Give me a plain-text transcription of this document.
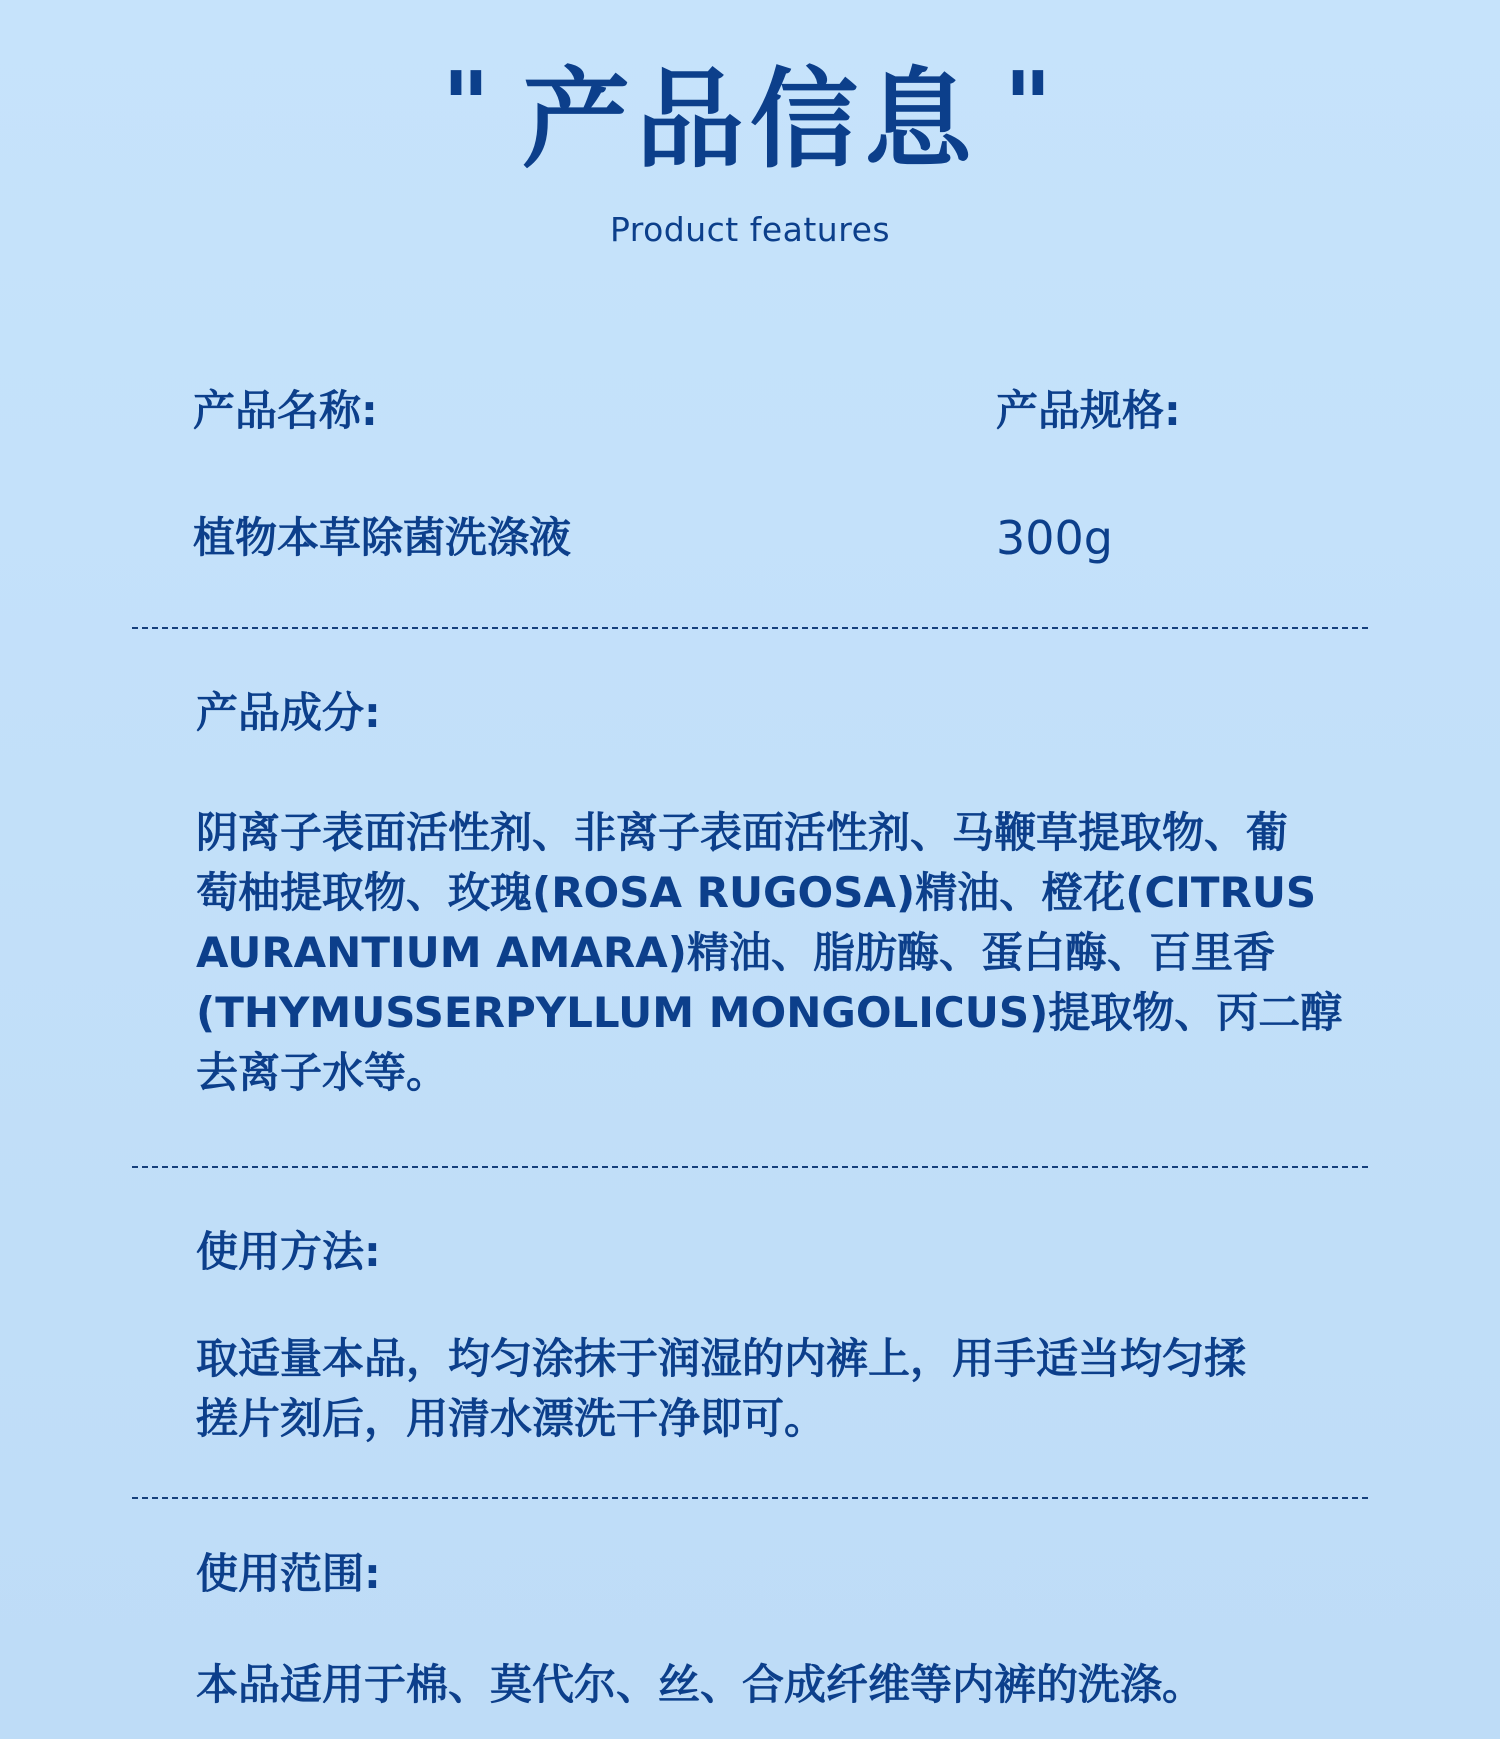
" 产品信息 "
Product features
产品名称:	产品规格:
植物本草除菌洗涤液	300g
产品成分:
阴离子表面活性剂、非离子表面活性剂、马鞭草提取物、葡
萄柚提取物、玫瑰(ROSA RUGOSA)精油、橙花(CITRUS
AURANTIUM AMARA)精油、脂肪酶、蛋白酶、百里香
(THYMUSSERPYLLUM MONGOLICUS)提取物、丙二醇
去离子水等。
使用方法:
取适量本品，均匀涂抹于润湿的内裤上，用手适当均匀揉
搓片刻后，用清水漂洗干净即可。
使用范围:
本品适用于棉、莫代尔、丝、合成纤维等内裤的洗涤。
